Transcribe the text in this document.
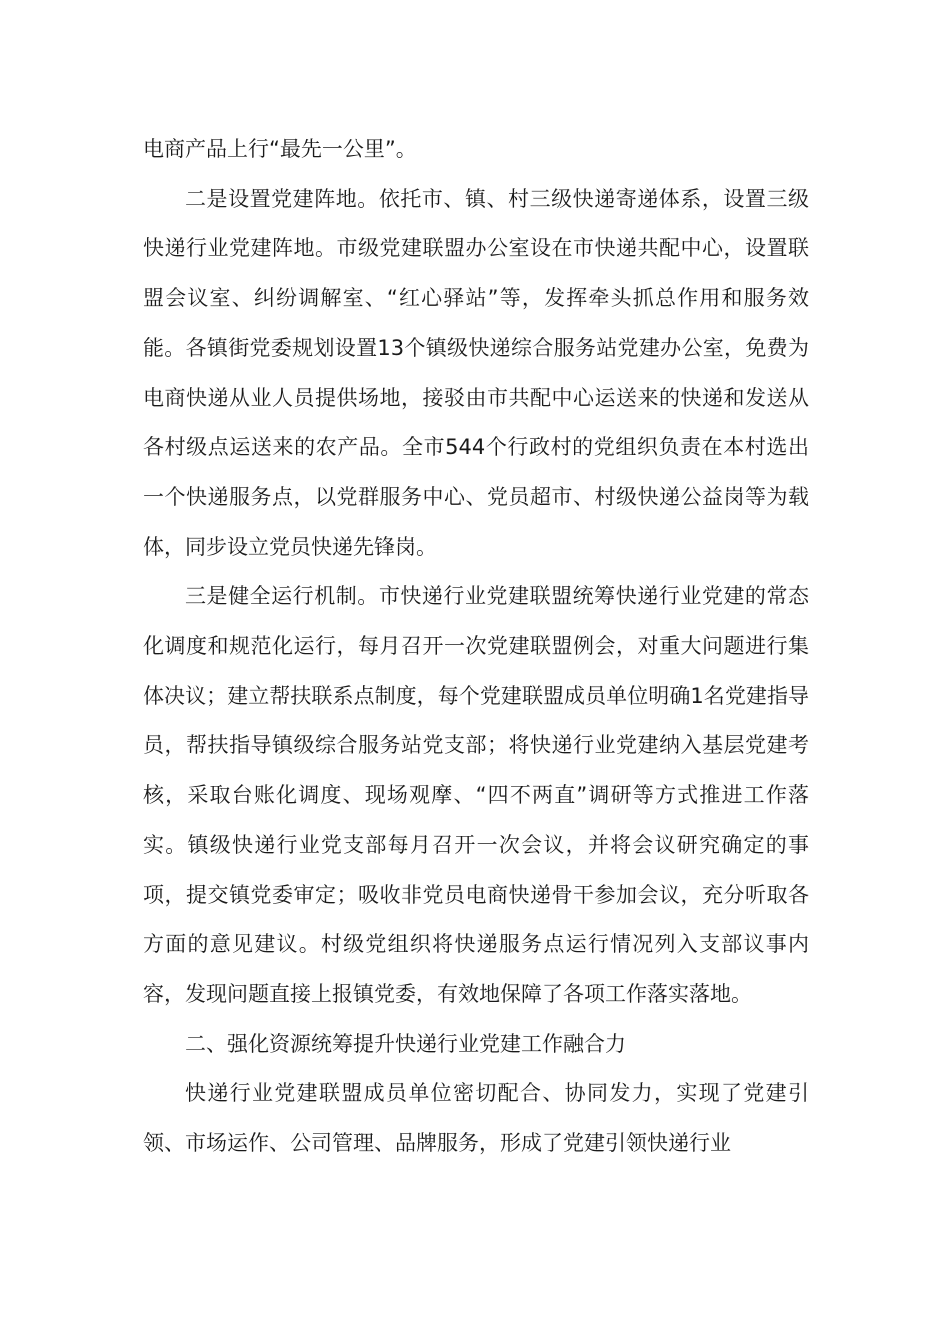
电商产品上行“最先一公里”。

二是设置党建阵地。依托市、镇、村三级快递寄递体系，设置三级快递行业党建阵地。市级党建联盟办公室设在市快递共配中心，设置联盟会议室、纠纷调解室、“红心驿站”等，发挥牵头抓总作用和服务效能。各镇街党委规划设置13个镇级快递综合服务站党建办公室，免费为电商快递从业人员提供场地，接驳由市共配中心运送来的快递和发送从各村级点运送来的农产品。全市544个行政村的党组织负责在本村选出一个快递服务点，以党群服务中心、党员超市、村级快递公益岗等为载体，同步设立党员快递先锋岗。

三是健全运行机制。市快递行业党建联盟统筹快递行业党建的常态化调度和规范化运行，每月召开一次党建联盟例会，对重大问题进行集体决议；建立帮扶联系点制度，每个党建联盟成员单位明确1名党建指导员，帮扶指导镇级综合服务站党支部；将快递行业党建纳入基层党建考核，采取台账化调度、现场观摩、“四不两直”调研等方式推进工作落实。镇级快递行业党支部每月召开一次会议，并将会议研究确定的事项，提交镇党委审定；吸收非党员电商快递骨干参加会议，充分听取各方面的意见建议。村级党组织将快递服务点运行情况列入支部议事内容，发现问题直接上报镇党委，有效地保障了各项工作落实落地。

二、强化资源统筹提升快递行业党建工作融合力

快递行业党建联盟成员单位密切配合、协同发力，实现了党建引领、市场运作、公司管理、品牌服务，形成了党建引领快递行业
